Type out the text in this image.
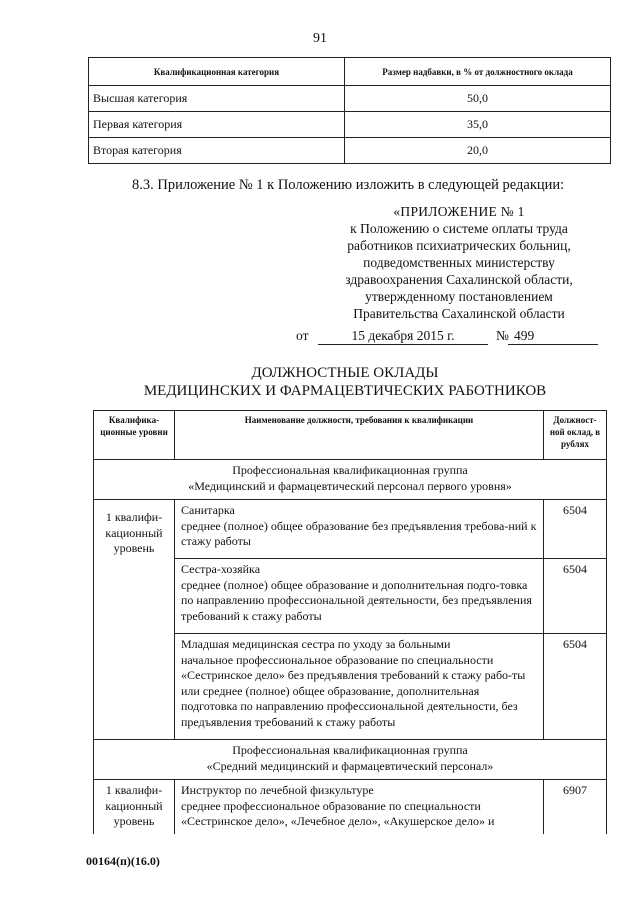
91
Квалификационная категория	Размер надбавки, в % от должностного оклада
Высшая категория	50,0
Первая категория	35,0
Вторая категория	20,0
8.3. Приложение № 1 к Положению изложить в следующей редакции:
«ПРИЛОЖЕНИЕ № 1
к Положению о системе оплаты труда
работников психиатрических больниц,
подведомственных министерству
здравоохранения Сахалинской области,
утвержденному постановлением
Правительства Сахалинской области
от	15 декабря 2015 г.	№ 499
ДОЛЖНОСТНЫЕ ОКЛАДЫ
МЕДИЦИНСКИХ И ФАРМАЦЕВТИЧЕСКИХ РАБОТНИКОВ
Квалифика-ционные уровни	Наименование должности, требования к квалификации	Должност-ной оклад, в рублях

Профессиональная квалификационная группа
«Медицинский и фармацевтический персонал первого уровня»		

1 квалифи-кационный уровень	Санитарка
среднее (полное) общее образование без предъявления требова-ний к стажу работы	6504

	Сестра-хозяйка
среднее (полное) общее образование и дополнительная подго-товка по направлению профессиональной деятельности, без предъявления требований к стажу работы	6504

	Младшая медицинская сестра по уходу за больными
начальное профессиональное образование по специальности «Сестринское дело» без предъявления требований к стажу рабо-ты или среднее (полное) общее образование, дополнительная подготовка по направлению профессиональной деятельности, без предъявления требований к стажу работы	6504

Профессиональная квалификационная группа
«Средний медицинский и фармацевтический персонал»		

1 квалифи-кационный уровень	Инструктор по лечебной физкультуре
среднее профессиональное образование по специальности «Сестринское дело», «Лечебное дело», «Акушерское дело» и	6907
00164(п)(16.0)
